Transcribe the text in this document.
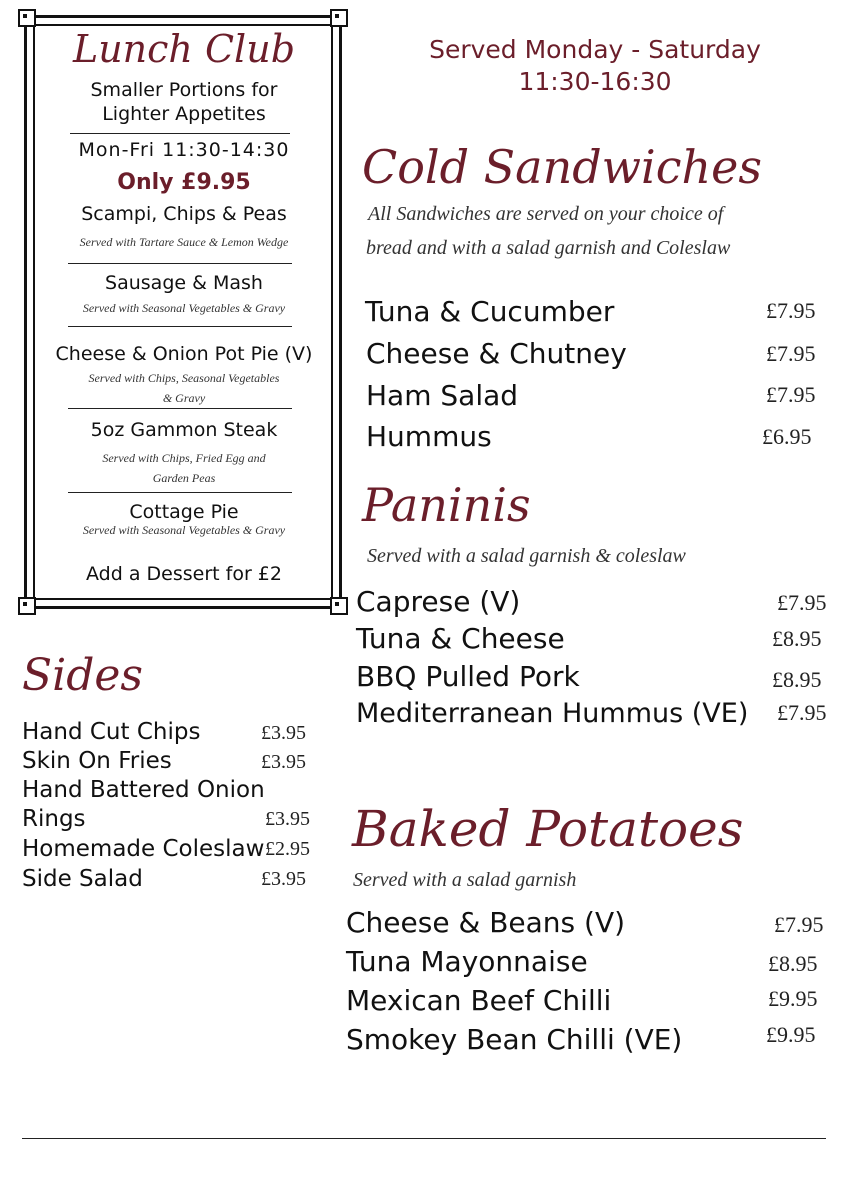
Lunch Club
Smaller Portions for
Lighter Appetites
Mon-Fri 11:30-14:30
Only £9.95
Scampi, Chips & Peas
Served with Tartare Sauce & Lemon Wedge
Sausage & Mash
Served with Seasonal Vegetables & Gravy
Cheese & Onion Pot Pie (V)
Served with Chips, Seasonal Vegetables
& Gravy
5oz Gammon Steak
Served with Chips, Fried Egg and
Garden Peas
Cottage Pie
Served with Seasonal Vegetables & Gravy
Add a Dessert for £2
Served Monday - Saturday
11:30-16:30
Cold Sandwiches
All Sandwiches are served on your choice of
bread and with a salad garnish and Coleslaw
Tuna & Cucumber	£7.95
Cheese & Chutney	£7.95
Ham Salad	£7.95
Hummus	£6.95
Paninis
Served with a salad garnish & coleslaw
Caprese (V)	£7.95
Tuna & Cheese	£8.95
BBQ Pulled Pork	£8.95
Mediterranean Hummus (VE) £7.95
Baked Potatoes
Served with a salad garnish
Cheese & Beans (V)	£7.95
Tuna Mayonnaise	£8.95
Mexican Beef Chilli	£9.95
Smokey Bean Chilli (VE)	£9.95
Sides
Hand Cut Chips	£3.95
Skin On Fries	£3.95
Hand Battered Onion
Rings	£3.95
Homemade Coleslaw £2.95
Side Salad	£3.95
